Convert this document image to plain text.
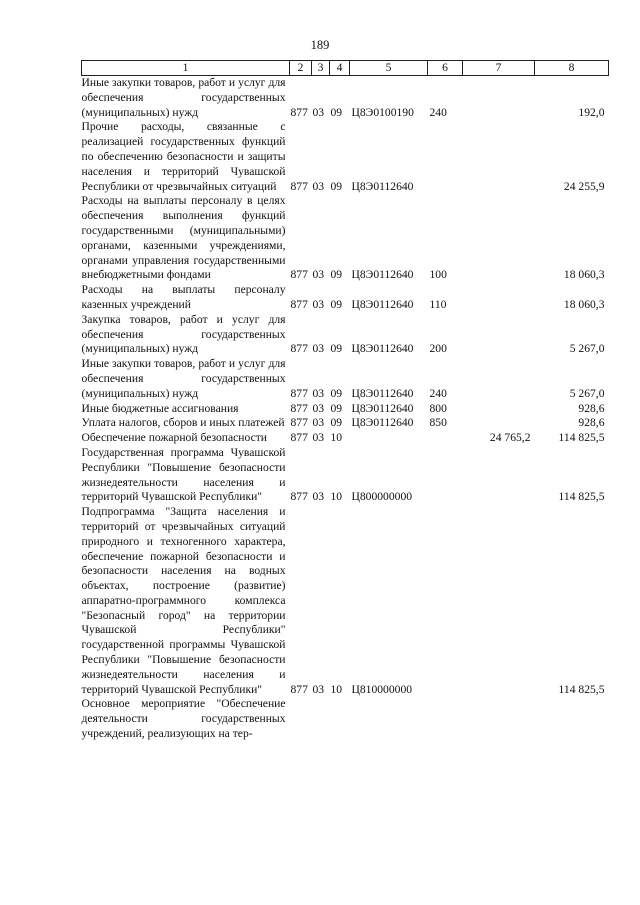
189
1	2	3	4	5	6	7	8
Иные закупки товаров, работ и услуг для обеспечения государственных (муниципальных) нужд	877	03	09	Ц8Э0100190	240		192,0
Прочие расходы, связанные с реализацией государственных функций по обеспечению безопасности и защиты населения и территорий Чувашской Республики от чрезвычайных ситуаций	877	03	09	Ц8Э0112640			24 255,9
Расходы на выплаты персоналу в целях обеспечения выполнения функций государственными (муниципальными) органами, казенными учреждениями, органами управления государственными внебюджетными фондами	877	03	09	Ц8Э0112640	100		18 060,3
Расходы на выплаты персоналу казенных учреждений	877	03	09	Ц8Э0112640	110		18 060,3
Закупка товаров, работ и услуг для обеспечения государственных (муниципальных) нужд	877	03	09	Ц8Э0112640	200		5 267,0
Иные закупки товаров, работ и услуг для обеспечения государственных (муниципальных) нужд	877	03	09	Ц8Э0112640	240		5 267,0
Иные бюджетные ассигнования	877	03	09	Ц8Э0112640	800		928,6
Уплата налогов, сборов и иных платежей	877	03	09	Ц8Э0112640	850		928,6
Обеспечение пожарной безопасности	877	03	10			24 765,2	114 825,5
Государственная программа Чувашской Республики "Повышение безопасности жизнедеятельности населения и территорий Чувашской Республики"	877	03	10	Ц800000000			114 825,5
Подпрограмма "Защита населения и территорий от чрезвычайных ситуаций природного и техногенного характера, обеспечение пожарной безопасности и безопасности населения на водных объектах, построение (развитие) аппаратно-программного комплекса "Безопасный город" на территории Чувашской Республики" государственной программы Чувашской Республики "Повышение безопасности жизнедеятельности населения и территорий Чувашской Республики"	877	03	10	Ц810000000			114 825,5
Основное мероприятие "Обеспечение деятельности государственных учреждений, реализующих на тер-							
